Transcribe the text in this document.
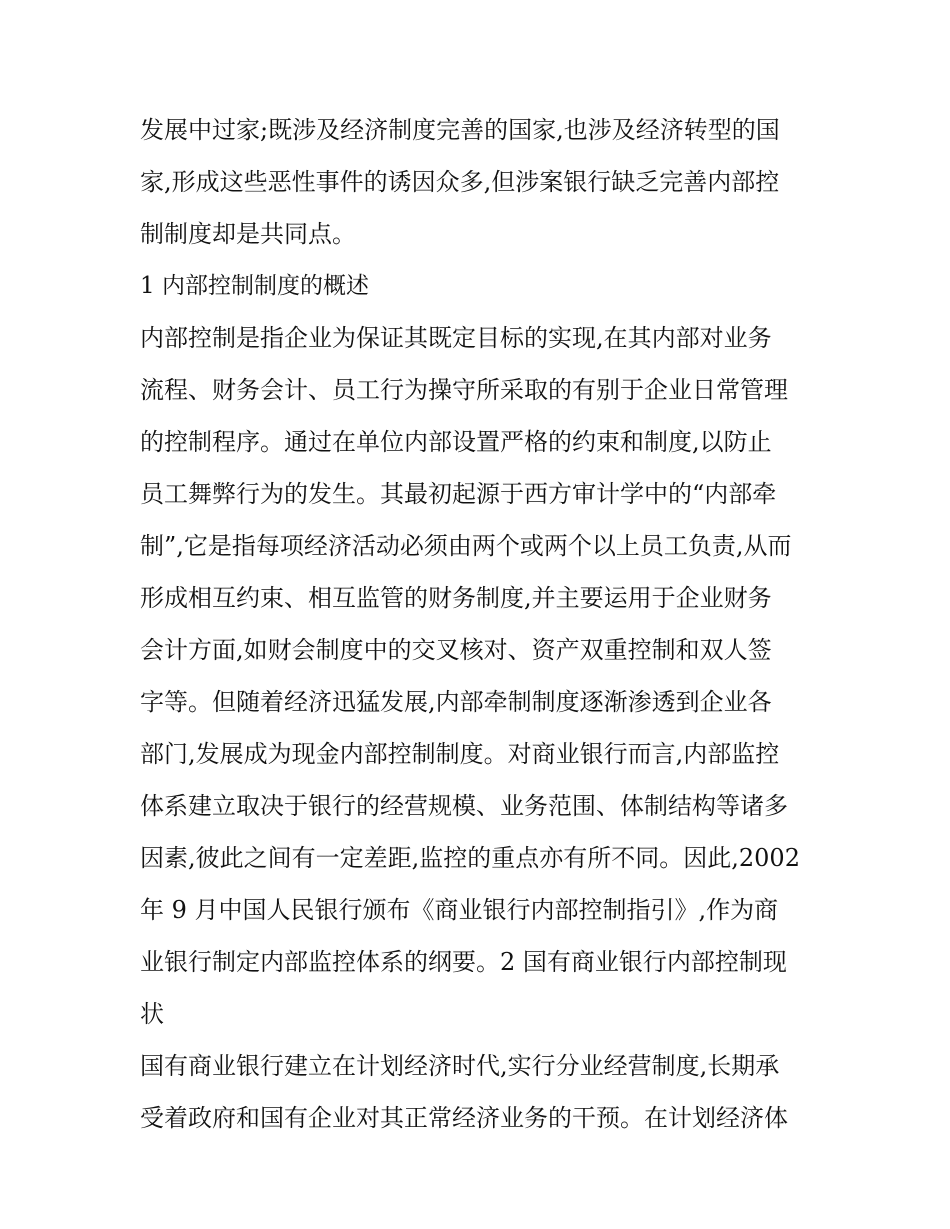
发展中过家;既涉及经济制度完善的国家,也涉及经济转型的国
家,形成这些恶性事件的诱因众多,但涉案银行缺乏完善内部控
制制度却是共同点。
1 内部控制制度的概述
内部控制是指企业为保证其既定目标的实现,在其内部对业务
流程、财务会计、员工行为操守所采取的有别于企业日常管理
的控制程序。通过在单位内部设置严格的约束和制度,以防止
员工舞弊行为的发生。其最初起源于西方审计学中的“内部牵
制”,它是指每项经济活动必须由两个或两个以上员工负责,从而
形成相互约束、相互监管的财务制度,并主要运用于企业财务
会计方面,如财会制度中的交叉核对、资产双重控制和双人签
字等。但随着经济迅猛发展,内部牵制制度逐渐渗透到企业各
部门,发展成为现金内部控制制度。对商业银行而言,内部监控
体系建立取决于银行的经营规模、业务范围、体制结构等诸多
因素,彼此之间有一定差距,监控的重点亦有所不同。因此,2002
年 9 月中国人民银行颁布《商业银行内部控制指引》,作为商
业银行制定内部监控体系的纲要。2 国有商业银行内部控制现
状
国有商业银行建立在计划经济时代,实行分业经营制度,长期承
受着政府和国有企业对其正常经济业务的干预。在计划经济体
